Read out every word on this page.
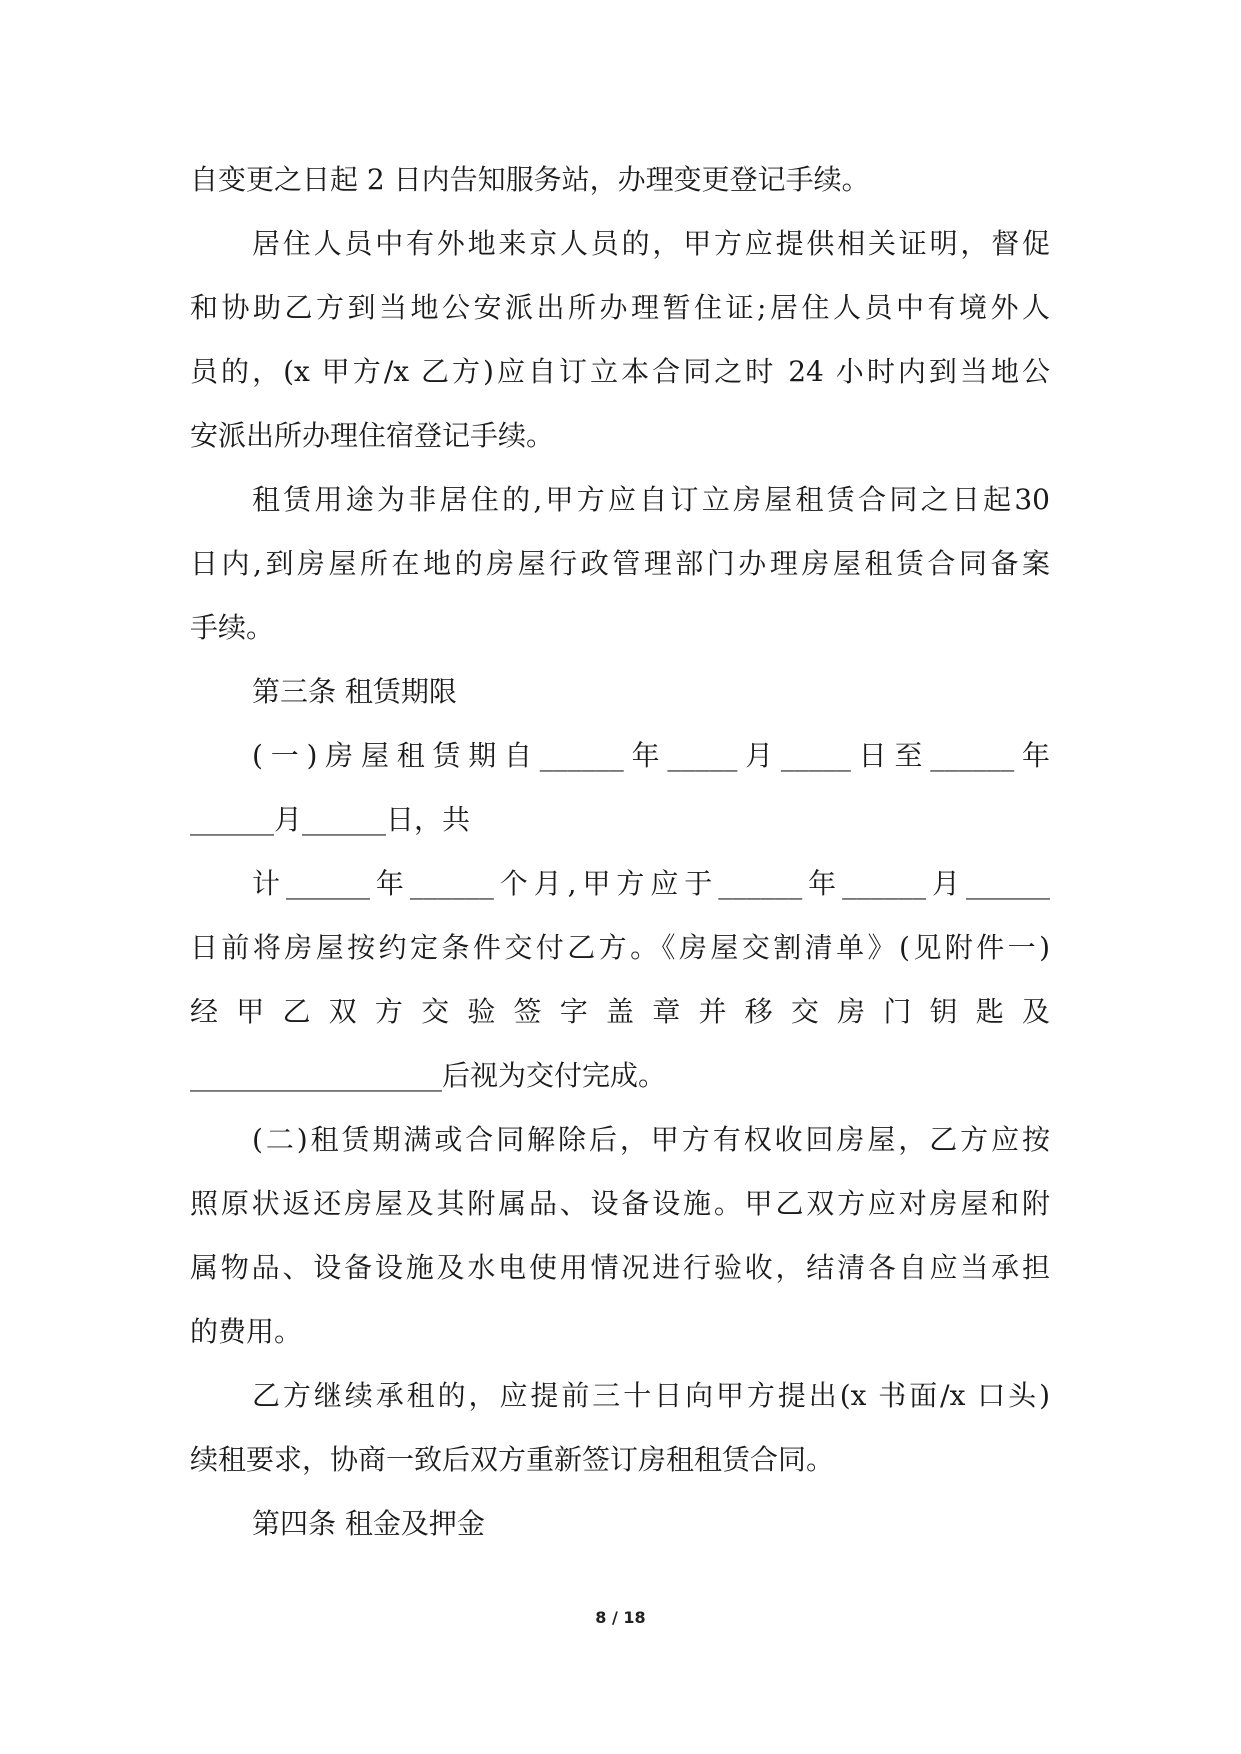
自变更之日起 2 日内告知服务站，办理变更登记手续。
居住人员中有外地来京人员的，甲方应提供相关证明，督促
和协助乙方到当地公安派出所办理暂住证;居住人员中有境外人
员的，(x 甲方/x 乙方)应自订立本合同之时 24 小时内到当地公
安派出所办理住宿登记手续。
租赁用途为非居住的,甲方应自订立房屋租赁合同之日起30
日内,到房屋所在地的房屋行政管理部门办理房屋租赁合同备案
手续。
第三条 租赁期限
(一)房屋租赁期自______年_____月_____日至______年
______月______日，共
计______年______个月,甲方应于______年______月______
日前将房屋按约定条件交付乙方。《房屋交割清单》(见附件一)
经 甲 乙 双 方 交 验 签 字 盖 章 并 移 交 房 门 钥 匙 及
__________________后视为交付完成。
(二)租赁期满或合同解除后，甲方有权收回房屋，乙方应按
照原状返还房屋及其附属品、设备设施。甲乙双方应对房屋和附
属物品、设备设施及水电使用情况进行验收，结清各自应当承担
的费用。
乙方继续承租的，应提前三十日向甲方提出(x 书面/x 口头)
续租要求，协商一致后双方重新签订房租租赁合同。
第四条 租金及押金
8 / 18
